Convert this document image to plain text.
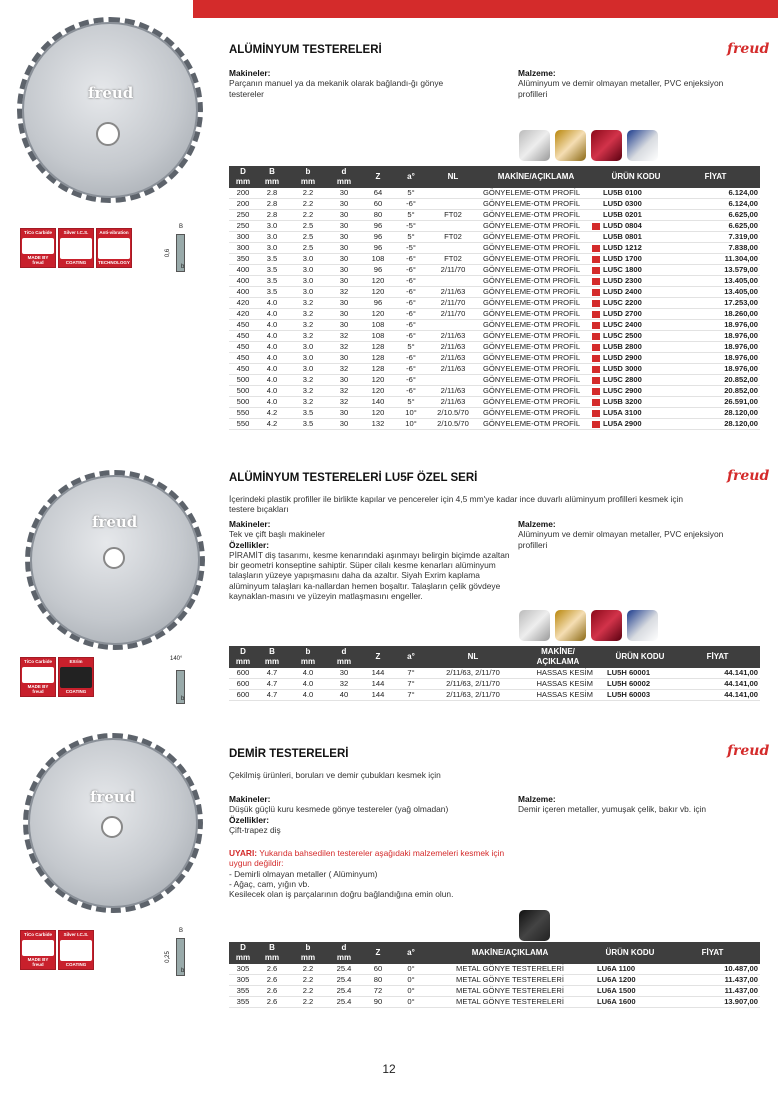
freud
TiCo Carbide
MADE BY freud
Silver I.C.S.
COATING
Anti-vibration
TECHNOLOGY
B
0,6
b
ALÜMİNYUM TESTERELERİ	freud
Makineler:
Parçanın manuel ya da mekanik olarak bağlandı-ğı gönye testereler
Malzeme:
Alüminyum ve demir olmayan metaller, PVC enjeksiyon profilleri
D
mm	B
mm	b
mm	d
mm	Z	a°	NL	MAKİNE/AÇIKLAMA		ÜRÜN KODU	FİYAT
200	2.8	2.2	30	64	5°		GÖNYELEME-OTM PROFİL		LU5B 0100	6.124,00
200	2.8	2.2	30	60	-6°		GÖNYELEME-OTM PROFİL		LU5D 0300	6.124,00
250	2.8	2.2	30	80	5°	FT02	GÖNYELEME-OTM PROFİL		LU5B 0201	6.625,00
250	3.0	2.5	30	96	-5°		GÖNYELEME-OTM PROFİL		LU5D 0804	6.625,00
300	3.0	2.5	30	96	5°	FT02	GÖNYELEME-OTM PROFİL		LU5B 0801	7.319,00
300	3.0	2.5	30	96	-5°		GÖNYELEME-OTM PROFİL		LU5D 1212	7.838,00
350	3.5	3.0	30	108	-6°	FT02	GÖNYELEME-OTM PROFİL		LU5D 1700	11.304,00
400	3.5	3.0	30	96	-6°	2/11/70	GÖNYELEME-OTM PROFİL		LU5C 1800	13.579,00
400	3.5	3.0	30	120	-6°		GÖNYELEME-OTM PROFİL		LU5D 2300	13.405,00
400	3.5	3.0	32	120	-6°	2/11/63	GÖNYELEME-OTM PROFİL		LU5D 2400	13.405,00
420	4.0	3.2	30	96	-6°	2/11/70	GÖNYELEME-OTM PROFİL		LU5C 2200	17.253,00
420	4.0	3.2	30	120	-6°	2/11/70	GÖNYELEME-OTM PROFİL		LU5D 2700	18.260,00
450	4.0	3.2	30	108	-6°		GÖNYELEME-OTM PROFİL		LU5C 2400	18.976,00
450	4.0	3.2	32	108	-6°	2/11/63	GÖNYELEME-OTM PROFİL		LU5C 2500	18.976,00
450	4.0	3.0	32	128	5°	2/11/63	GÖNYELEME-OTM PROFİL		LU5B 2800	18.976,00
450	4.0	3.0	30	128	-6°	2/11/63	GÖNYELEME-OTM PROFİL		LU5D 2900	18.976,00
450	4.0	3.0	32	128	-6°	2/11/63	GÖNYELEME-OTM PROFİL		LU5D 3000	18.976,00
500	4.0	3.2	30	120	-6°		GÖNYELEME-OTM PROFİL		LU5C 2800	20.852,00
500	4.0	3.2	32	120	-6°	2/11/63	GÖNYELEME-OTM PROFİL		LU5C 2900	20.852,00
500	4.0	3.2	32	140	5°	2/11/63	GÖNYELEME-OTM PROFİL		LU5B 3200	26.591,00
550	4.2	3.5	30	120	10°	2/10.5/70	GÖNYELEME-OTM PROFİL		LU5A 3100	28.120,00
550	4.2	3.5	30	132	10°	2/10.5/70	GÖNYELEME-OTM PROFİL		LU5A 2900	28.120,00
freud
TiCo Carbide
MADE BY freud
EXrim
COATING
140°
b
ALÜMİNYUM TESTERELERİ LU5F ÖZEL SERİ	freud
İçerindeki plastik profiller ile birlikte kapılar ve pencereler için 4,5 mm'ye kadar ince duvarlı alüminyum profilleri kesmek için testere bıçakları
Makineler:
Tek ve çift başlı makineler
Özellikler:
PİRAMİT diş tasarımı, kesme kenarındaki aşınmayı belirgin biçimde azaltan bir geometri konseptine sahiptir. Süper cilalı kesme kenarları alüminyum talaşların yüzeye yapışmasını daha da azaltır. Siyah Exrim kaplama alüminyum talaşları ka-nallardan hemen boşaltır. Talaşların çelik gövdeye kaynaklan-masını ve yüzeyin matlaşmasını engeller.
Malzeme:
Alüminyum ve demir olmayan metaller, PVC enjeksiyon profilleri
D
mm	B
mm	b
mm	d
mm	Z	a°	NL	MAKİNE/
AÇIKLAMA		ÜRÜN KODU	FİYAT
600	4.7	4.0	30	144	7°	2/11/63, 2/11/70	HASSAS KESİM		LU5H 60001	44.141,00
600	4.7	4.0	32	144	7°	2/11/63, 2/11/70	HASSAS KESİM		LU5H 60002	44.141,00
600	4.7	4.0	40	144	7°	2/11/63, 2/11/70	HASSAS KESİM		LU5H 60003	44.141,00
freud
TiCo Carbide
MADE BY freud
Silver I.C.S.
COATING
B
0,25
b
DEMİR TESTERELERİ	freud
Çekilmiş ürünleri, boruları ve demir çubukları kesmek için
Makineler:
Düşük güçlü kuru kesmede gönye testereler (yağ olmadan)
Özellikler:
Çift-trapez diş
Malzeme:
Demir içeren metaller, yumuşak çelik, bakır vb. için
UYARI: Yukarıda bahsedilen testereler aşağıdaki malzemeleri kesmek için uygun değildir:
- Demirli olmayan metaller ( Alüminyum)
- Ağaç, cam, yığın vb.
Kesilecek olan iş parçalarının doğru bağlandığına emin olun.
D
mm	B
mm	b
mm	d
mm	Z	a°	MAKİNE/AÇIKLAMA	ÜRÜN KODU	FİYAT
305	2.6	2.2	25.4	60	0°	METAL GÖNYE TESTERELERİ	LU6A 1100	10.487,00
305	2.6	2.2	25.4	80	0°	METAL GÖNYE TESTERELERİ	LU6A 1200	11.437,00
355	2.6	2.2	25.4	72	0°	METAL GÖNYE TESTERELERİ	LU6A 1500	11.437,00
355	2.6	2.2	25.4	90	0°	METAL GÖNYE TESTERELERİ	LU6A 1600	13.907,00
12
